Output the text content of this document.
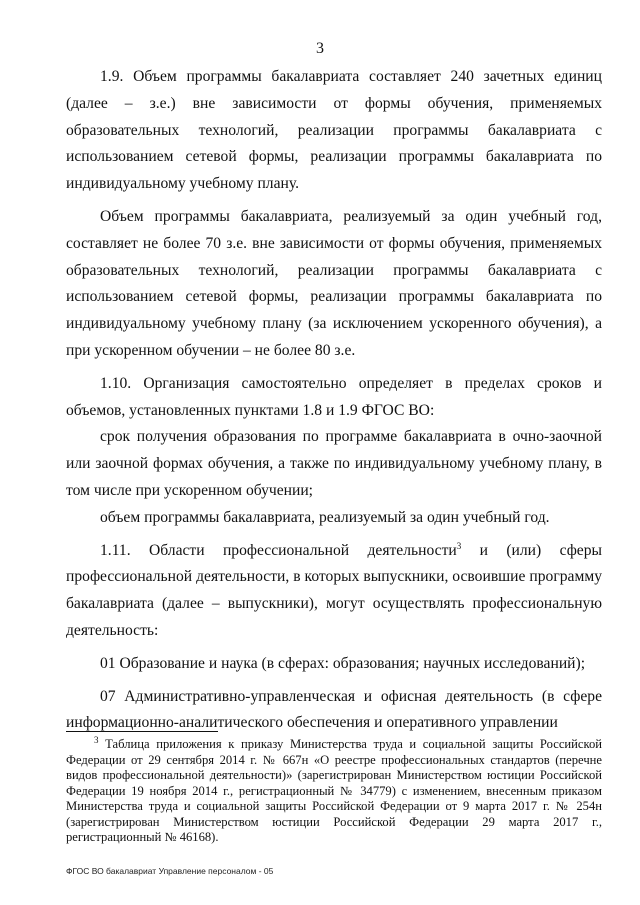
3

1.9. Объем программы бакалавриата составляет 240 зачетных единиц (далее – з.е.) вне зависимости от формы обучения, применяемых образовательных технологий, реализации программы бакалавриата с использованием сетевой формы, реализации программы бакалавриата по индивидуальному учебному плану.

Объем программы бакалавриата, реализуемый за один учебный год, составляет не более 70 з.е. вне зависимости от формы обучения, применяемых образовательных технологий, реализации программы бакалавриата с использованием сетевой формы, реализации программы бакалавриата по индивидуальному учебному плану (за исключением ускоренного обучения), а при ускоренном обучении – не более 80 з.е.

1.10. Организация самостоятельно определяет в пределах сроков и объемов, установленных пунктами 1.8 и 1.9 ФГОС ВО:

срок получения образования по программе бакалавриата в очно-заочной или заочной формах обучения, а также по индивидуальному учебному плану, в том числе при ускоренном обучении;

объем программы бакалавриата, реализуемый за один учебный год.

1.11. Области профессиональной деятельности$^3$ и (или) сферы профессиональной деятельности, в которых выпускники, освоившие программу бакалавриата (далее – выпускники), могут осуществлять профессиональную деятельность:

01 Образование и наука (в сферах: образования; научных исследований);

07 Административно-управленческая и офисная деятельность (в сфере информационно-аналитического обеспечения и оперативного управлении

$^3$ Таблица приложения к приказу Министерства труда и социальной защиты Российской Федерации от 29 сентября 2014 г. № 667н «О реестре профессиональных стандартов (перечне видов профессиональной деятельности)» (зарегистрирован Министерством юстиции Российской Федерации 19 ноября 2014 г., регистрационный № 34779) с изменением, внесенным приказом Министерства труда и социальной защиты Российской Федерации от 9 марта 2017 г. № 254н (зарегистрирован Министерством юстиции Российской Федерации 29 марта 2017 г., регистрационный № 46168).

ФГОС ВО бакалавриат Управление персоналом - 05
